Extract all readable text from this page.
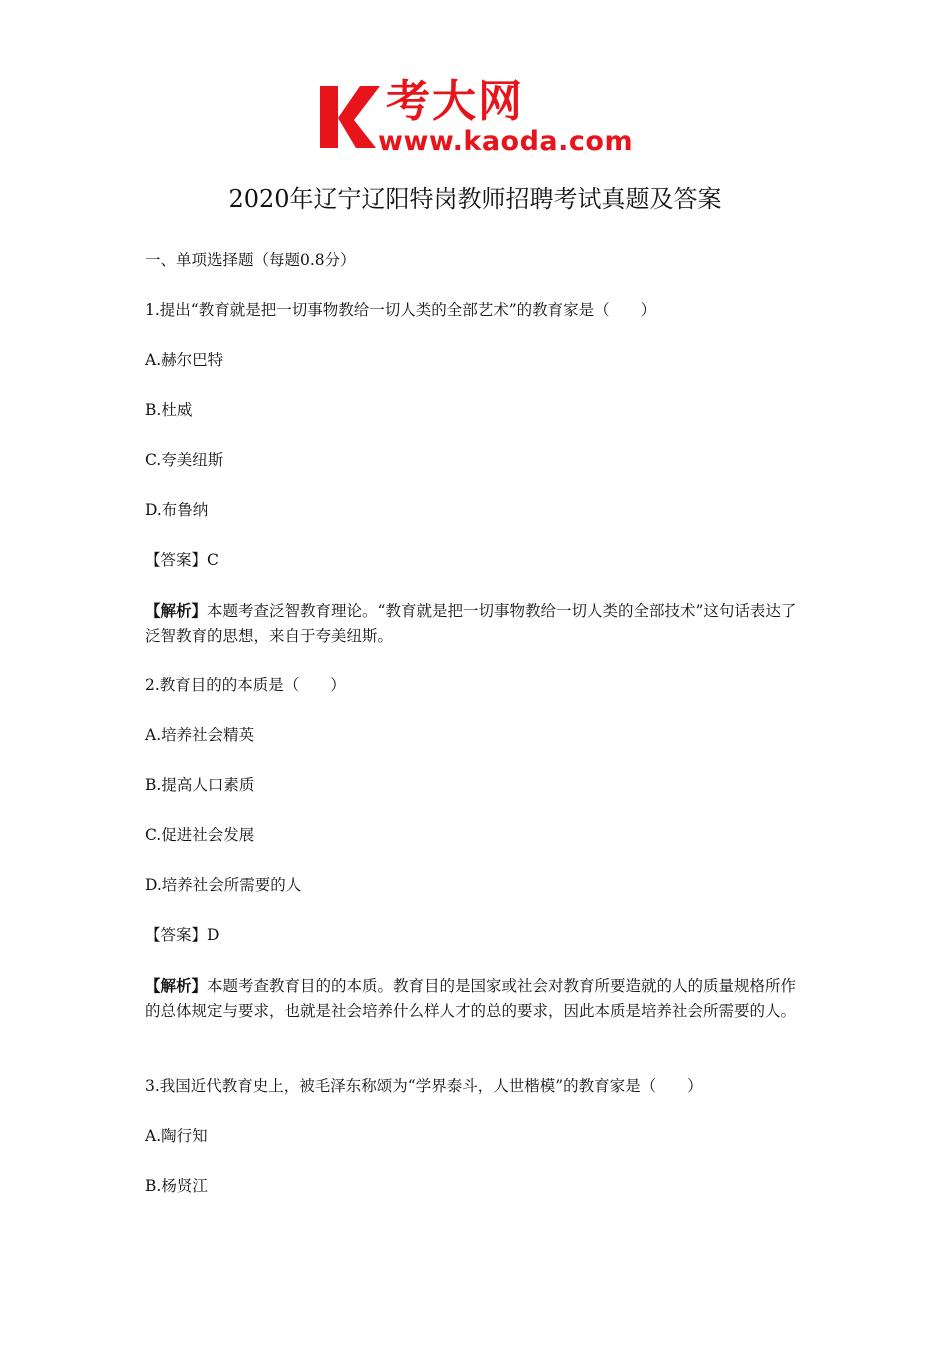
考大网
www.kaoda.com
2020年辽宁辽阳特岗教师招聘考试真题及答案
一、单项选择题（每题0.8分）
1.提出“教育就是把一切事物教给一切人类的全部艺术”的教育家是（　　）
A.赫尔巴特
B.杜威
C.夸美纽斯
D.布鲁纳
【答案】C
【解析】本题考查泛智教育理论。“教育就是把一切事物教给一切人类的全部技术”这句话表达了泛智教育的思想，来自于夸美纽斯。
2.教育目的的本质是（　　）
A.培养社会精英
B.提高人口素质
C.促进社会发展
D.培养社会所需要的人
【答案】D
【解析】本题考查教育目的的本质。教育目的是国家或社会对教育所要造就的人的质量规格所作的总体规定与要求，也就是社会培养什么样人才的总的要求，因此本质是培养社会所需要的人。
3.我国近代教育史上，被毛泽东称颂为“学界泰斗，人世楷模”的教育家是（　　）
A.陶行知
B.杨贤江
